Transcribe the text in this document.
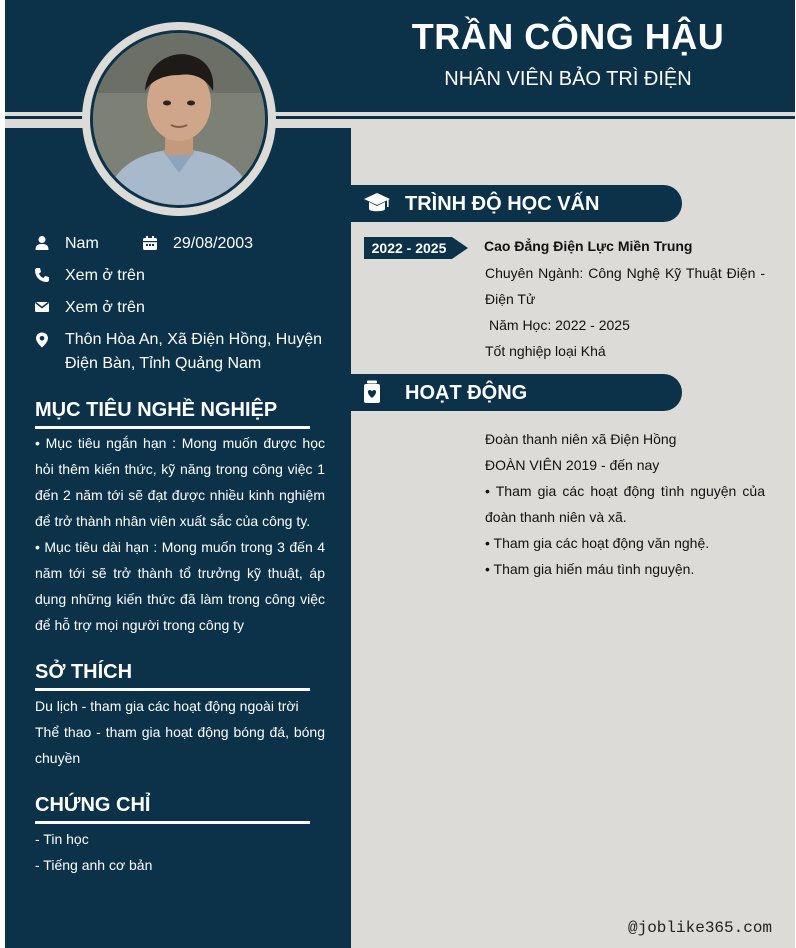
TRẦN CÔNG HẬU
NHÂN VIÊN BẢO TRÌ ĐIỆN
Nam	29/08/2003
Xem ở trên
Xem ở trên
Thôn Hòa An, Xã Điện Hồng, Huyện
Điện Bàn, Tỉnh Quảng Nam
MỤC TIÊU NGHỀ NGHIỆP
• Mục tiêu ngắn hạn : Mong muốn được học hỏi thêm kiến thức, kỹ năng trong công việc 1 đến 2 năm tới sẽ đạt được nhiều kinh nghiệm để trở thành nhân viên xuất sắc của công ty.
• Mục tiêu dài hạn : Mong muốn trong 3 đến 4 năm tới sẽ trở thành tổ trưởng kỹ thuật, áp dụng những kiến thức đã làm trong công việc để hỗ trợ mọi người trong công ty
SỞ THÍCH
Du lịch - tham gia các hoạt động ngoài trời
Thể thao - tham gia hoạt động bóng đá, bóng chuyền
CHỨNG CHỈ
- Tin học
- Tiếng anh cơ bản
TRÌNH ĐỘ HỌC VẤN
2022 - 2025	Cao Đẳng Điện Lực Miền Trung
Chuyên Ngành: Công Nghệ Kỹ Thuật Điện - Điện Tử
Năm Học: 2022 - 2025
Tốt nghiệp loại Khá
HOẠT ĐỘNG
Đoàn thanh niên xã Điện Hồng
ĐOÀN VIÊN 2019 - đến nay
• Tham gia các hoạt động tình nguyện của đoàn thanh niên và xã.
• Tham gia các hoạt động văn nghệ.
• Tham gia hiến máu tình nguyện.
@joblike365.com
